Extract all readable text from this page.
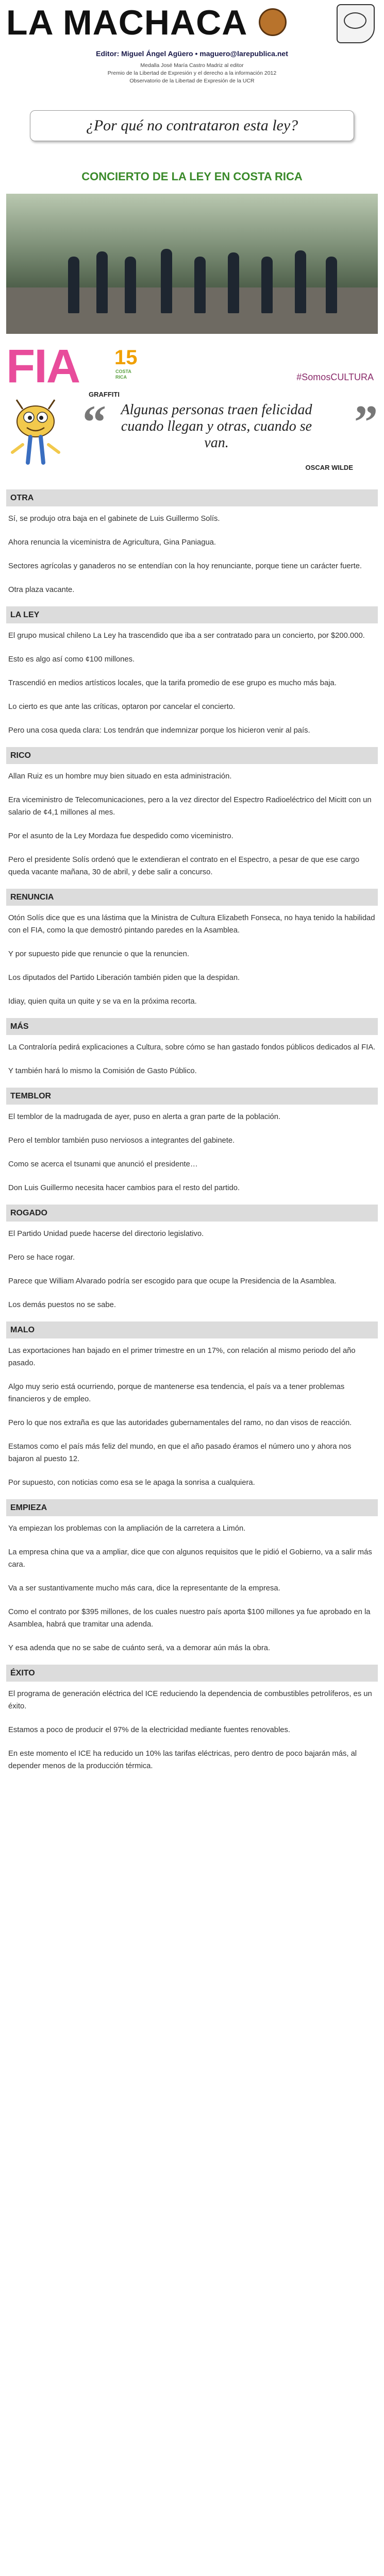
LA MACHACA
Editor: Miguel Ángel Agüero • maguero@larepublica.net
Medalla José María Castro Madriz al editor
Premio de la Libertad de Expresión y el derecho a la información 2012
Observatorio de la Libertad de Expresión de la UCR
¿Por qué no contrataron esta ley?
CONCIERTO DE LA LEY EN COSTA RICA
FIA 15
COSTA
RICA	#SomosCULTURA
GRAFFITI
“	”
Algunas personas traen felicidad cuando llegan y otras, cuando se van.
OSCAR WILDE
OTRA

Sí, se produjo otra baja en el gabinete de Luis Guillermo Solís.

Ahora renuncia la viceministra de Agricultura, Gina Paniagua.

Sectores agrícolas y ganaderos no se entendían con la hoy renunciante, porque tiene un carácter fuerte.

Otra plaza vacante.

LA LEY

El grupo musical chileno La Ley ha trascendido que iba a ser contratado para un concierto, por $200.000.

Esto es algo así como ¢100 millones.

Trascendió en medios artísticos locales, que la tarifa promedio de ese grupo es mucho más baja.

Lo cierto es que ante las críticas, optaron por cancelar el concierto.

Pero una cosa queda clara: Los tendrán que indemnizar porque los hicieron venir al país.

RICO

Allan Ruiz es un hombre muy bien situado en esta administración.

Era viceministro de Telecomunicaciones, pero a la vez director del Espectro Radioeléctrico del Micitt con un salario de ¢4,1 millones al mes.

Por el asunto de la Ley Mordaza fue despedido como viceministro.

Pero el presidente Solís ordenó que le extendieran el contrato en el Espectro, a pesar de que ese cargo queda vacante mañana, 30 de abril, y debe salir a concurso.

RENUNCIA

Otón Solís dice que es una lástima que la Ministra de Cultura Elizabeth Fonseca, no haya tenido la habilidad con el FIA, como la que demostró pintando paredes en la Asamblea.

Y por supuesto pide que renuncie o que la renuncien.

Los diputados del Partido Liberación también piden que la despidan.

Idiay, quien quita un quite y se va en la próxima recorta.

MÁS

La Contraloría pedirá explicaciones a Cultura, sobre cómo se han gastado fondos públicos dedicados al FIA.

Y también hará lo mismo la Comisión de Gasto Público.

TEMBLOR

El temblor de la madrugada de ayer, puso en alerta a gran parte de la población.

Pero el temblor también puso nerviosos a integrantes del gabinete.

Como se acerca el tsunami que anunció el presidente…

Don Luis Guillermo necesita hacer cambios para el resto del partido.

ROGADO

El Partido Unidad puede hacerse del directorio legislativo.

Pero se hace rogar.

Parece que William Alvarado podría ser escogido para que ocupe la Presidencia de la Asamblea.

Los demás puestos no se sabe.

MALO

Las exportaciones han bajado en el primer trimestre en un 17%, con relación al mismo periodo del año pasado.

Algo muy serio está ocurriendo, porque de mantenerse esa tendencia, el país va a tener problemas financieros y de empleo.

Pero lo que nos extraña es que las autoridades gubernamentales del ramo, no dan visos de reacción.

Estamos como el país más feliz del mundo, en que el año pasado éramos el número uno y ahora nos bajaron al puesto 12.

Por supuesto, con noticias como esa se le apaga la sonrisa a cualquiera.

EMPIEZA

Ya empiezan los problemas con la ampliación de la carretera a Limón.

La empresa china que va a ampliar, dice que con algunos requisitos que le pidió el Gobierno, va a salir más cara.

Va a ser sustantivamente mucho más cara, dice la representante de la empresa.

Como el contrato por $395 millones, de los cuales nuestro país aporta $100 millones ya fue aprobado en la Asamblea, habrá que tramitar una adenda.

Y esa adenda que no se sabe de cuánto será, va a demorar aún más la obra.

ÉXITO

El programa de generación eléctrica del ICE reduciendo la dependencia de combustibles petrolíferos, es un éxito.

Estamos a poco de producir el 97% de la electricidad mediante fuentes renovables.

En este momento el ICE ha reducido un 10% las tarifas eléctricas, pero dentro de poco bajarán más, al depender menos de la producción térmica.
